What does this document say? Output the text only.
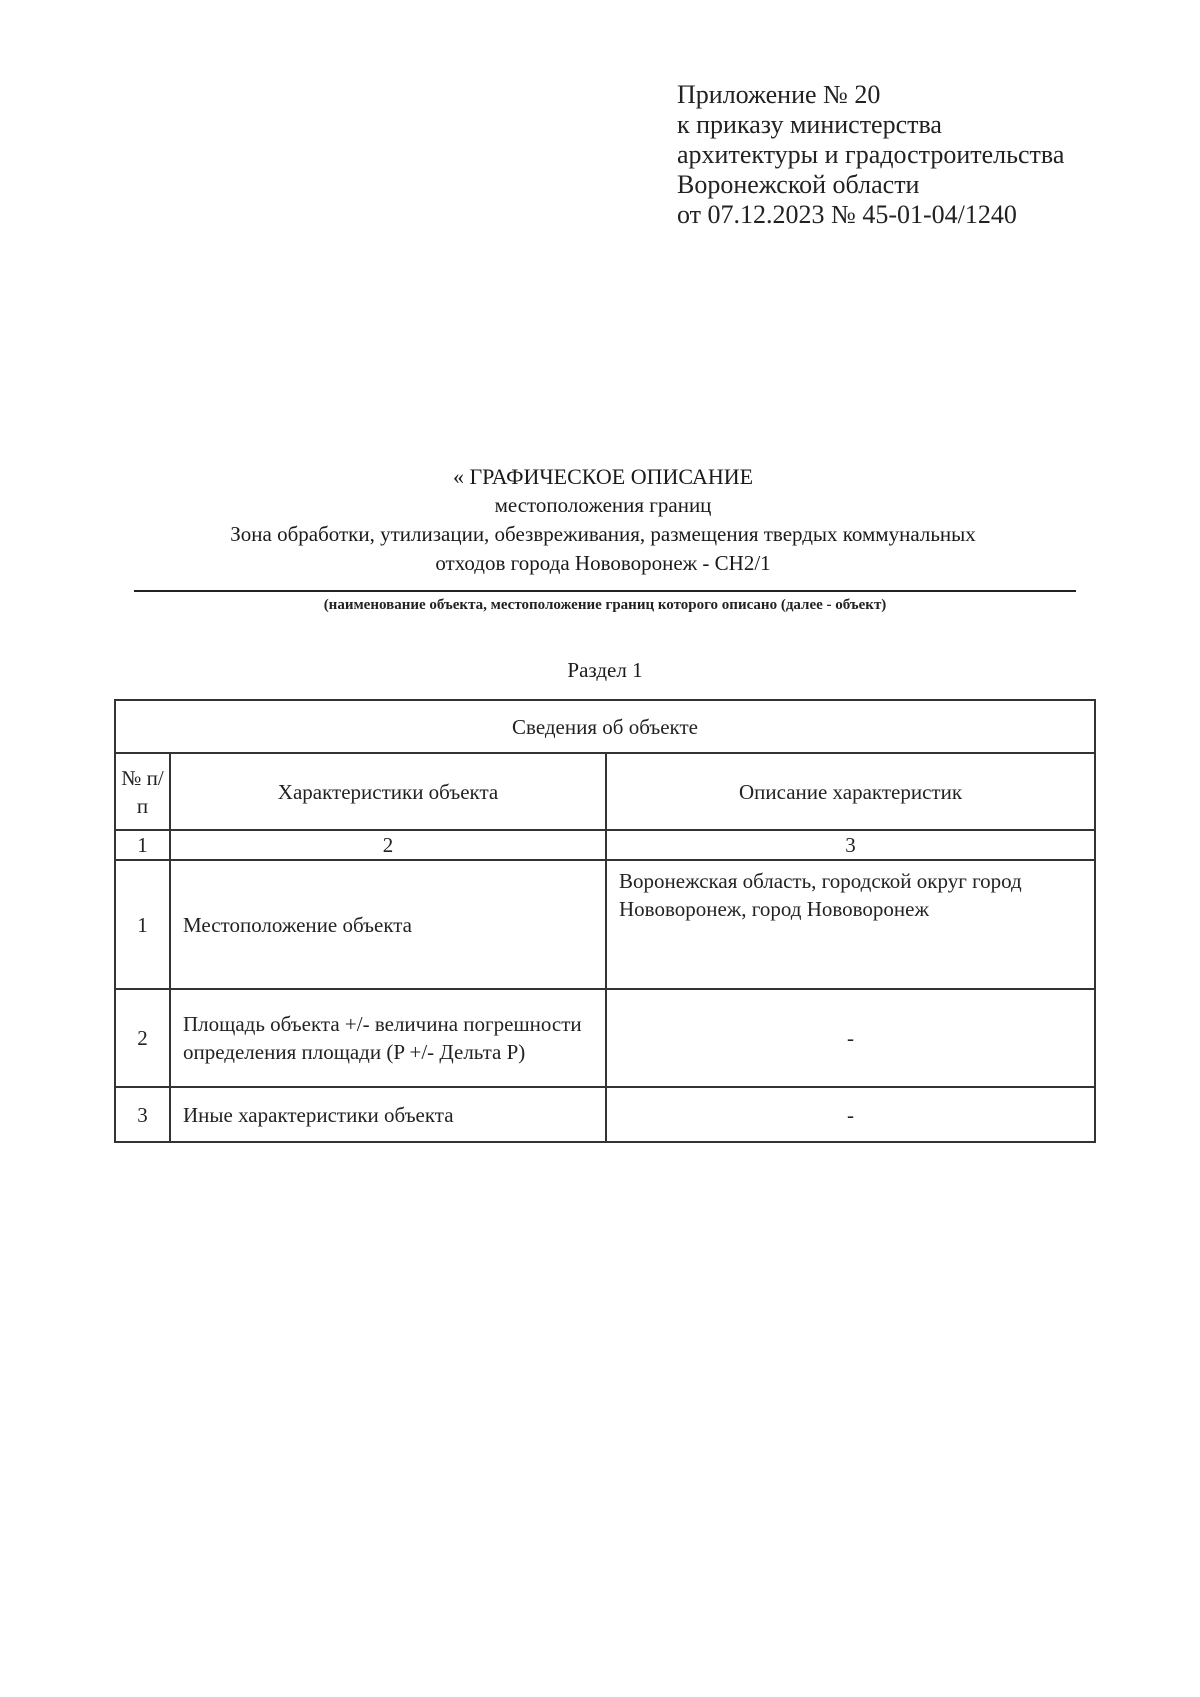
Приложение № 20
к приказу министерства
архитектуры и градостроительства
Воронежской области
от 07.12.2023 № 45-01-04/1240
« ГРАФИЧЕСКОЕ ОПИСАНИЕ
местоположения границ
Зона обработки, утилизации, обезвреживания, размещения твердых коммунальных
отходов города Нововоронеж - СН2/1
(наименование объекта, местоположение границ которого описано (далее - объект)
Раздел 1
Сведения об объекте		
№ п/п	Характеристики объекта	Описание характеристик
1	2	3
1	Местоположение объекта	Воронежская область, городской округ город Нововоронеж, город Нововоронеж
2	Площадь объекта +/- величина погрешности определения площади (P +/- Дельта P)	-
3	Иные характеристики объекта	-
